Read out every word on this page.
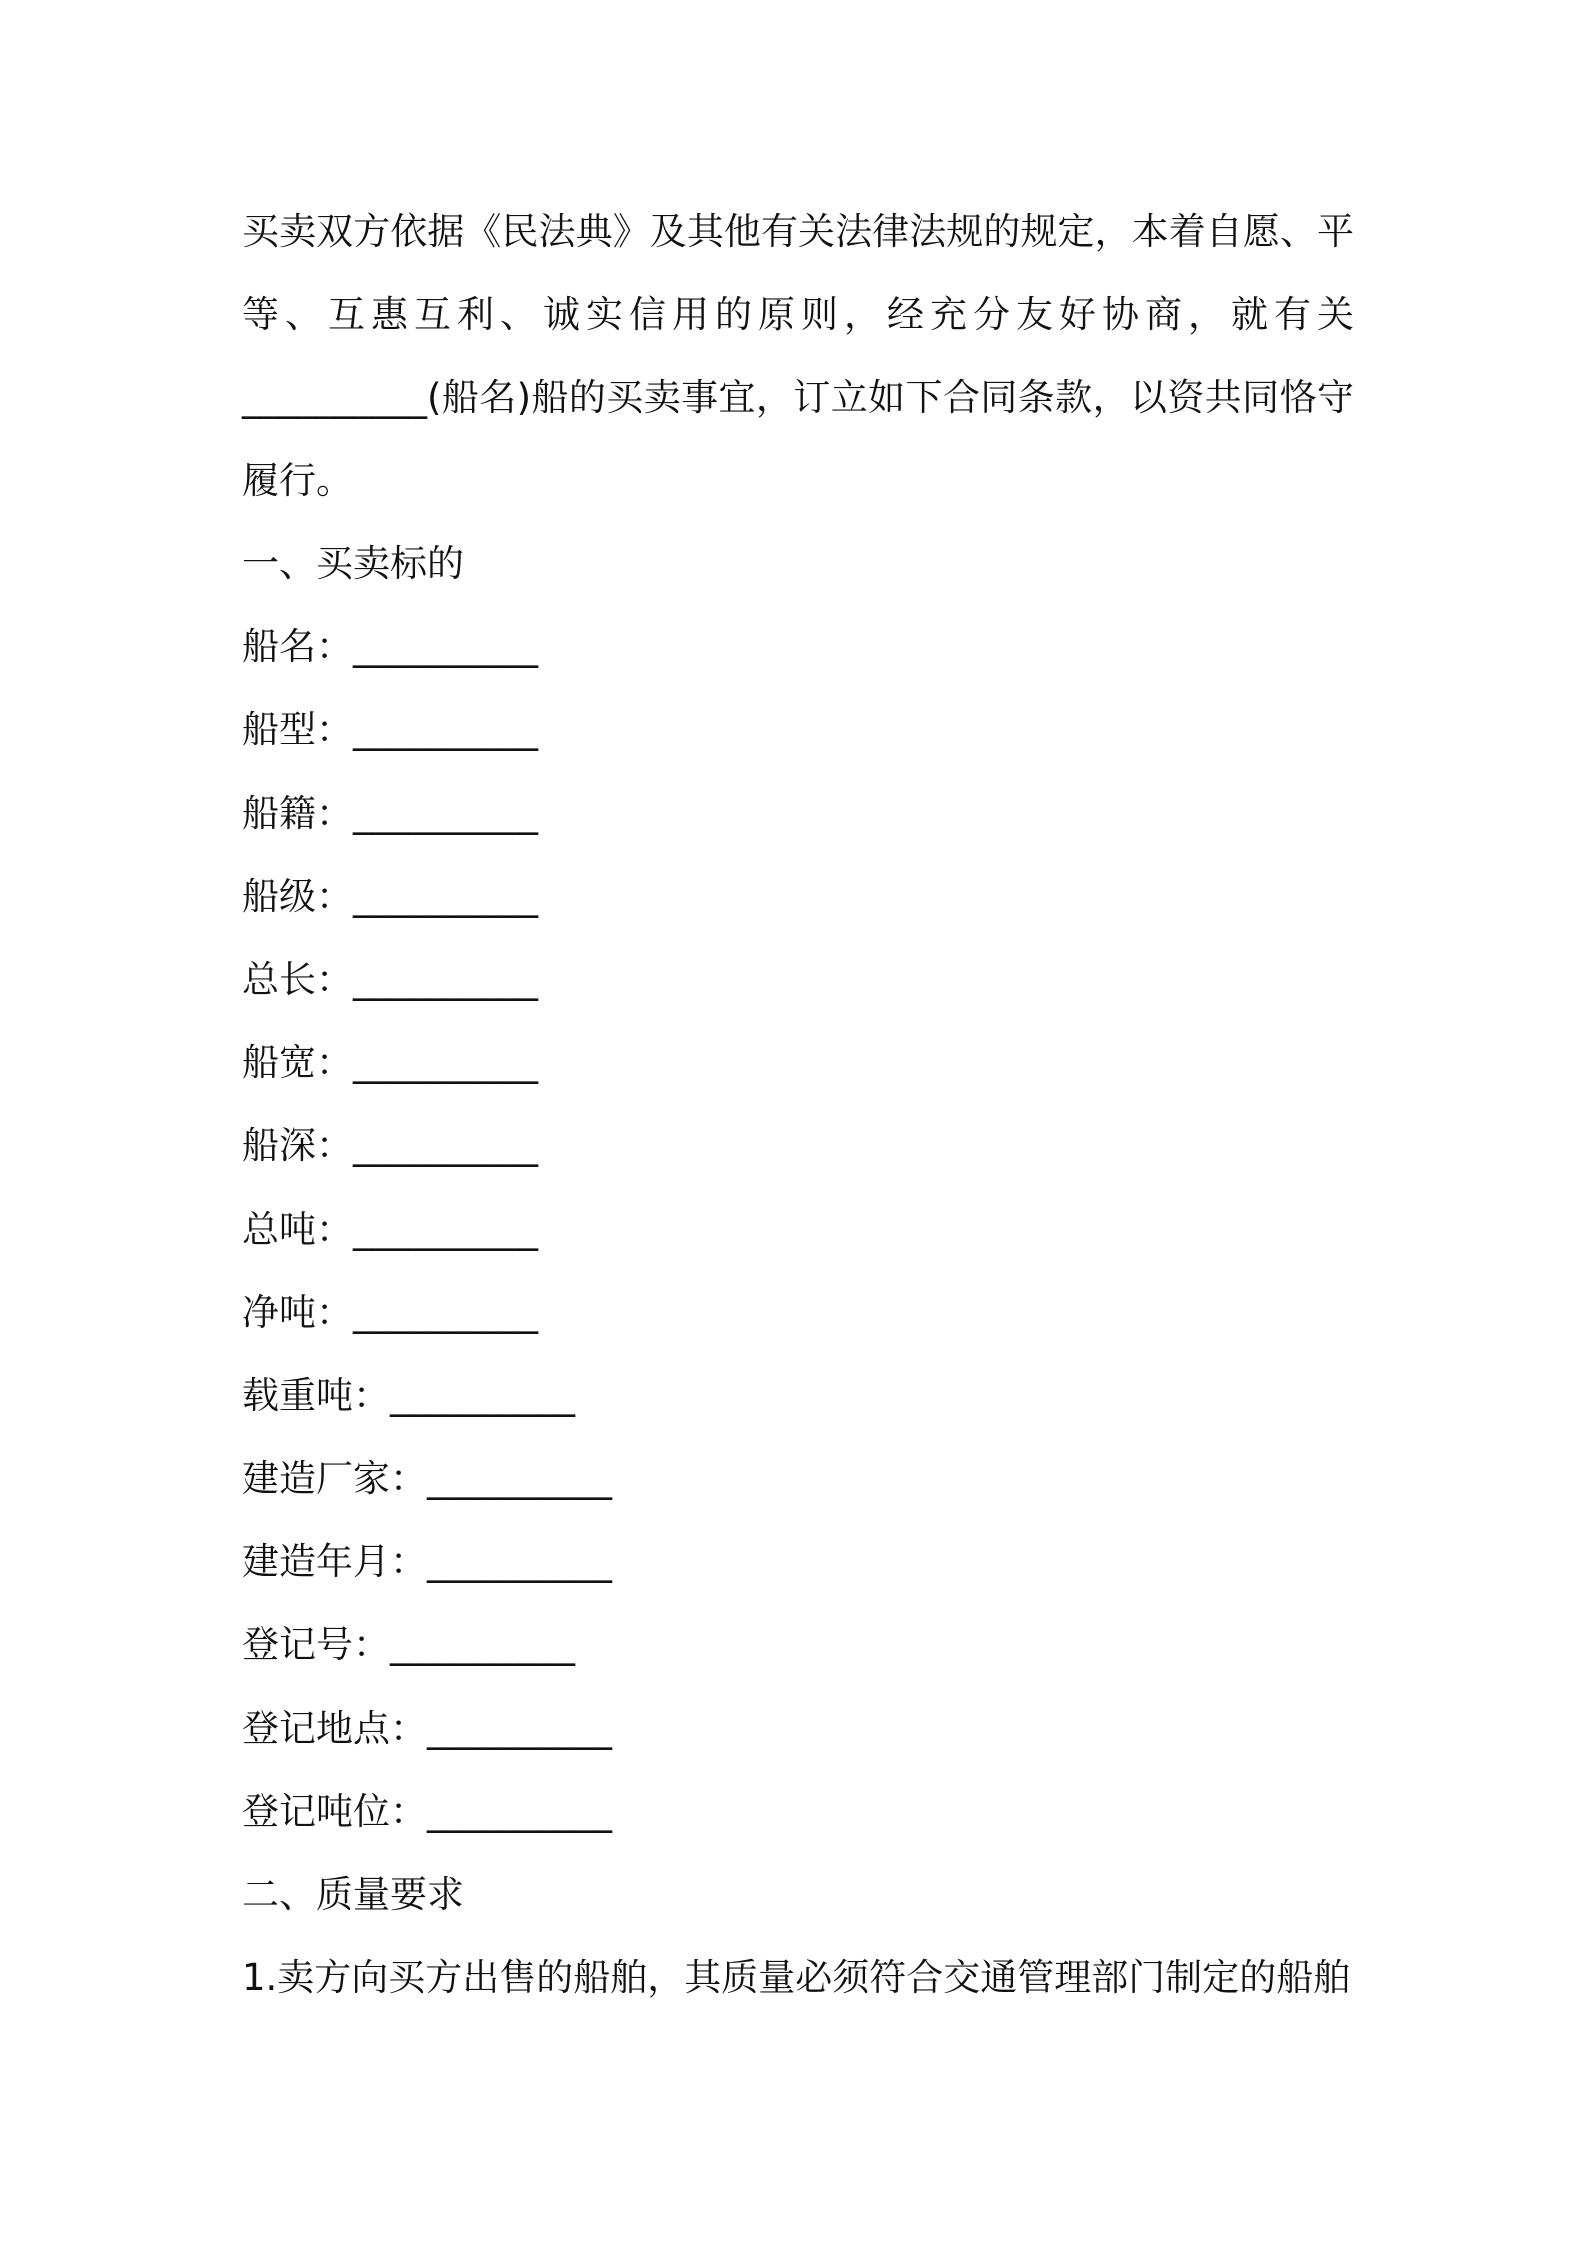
买卖双方依据《民法典》及其他有关法律法规的规定，本着自愿、平等、互惠互利、诚实信用的原则，经充分友好协商，就有关__________(船名)船的买卖事宜，订立如下合同条款，以资共同恪守履行。

一、买卖标的

船名：__________

船型：__________

船籍：__________

船级：__________

总长：__________

船宽：__________

船深：__________

总吨：__________

净吨：__________

载重吨：__________

建造厂家：__________

建造年月：__________

登记号：__________

登记地点：__________

登记吨位：__________

二、质量要求

1.卖方向买方出售的船舶，其质量必须符合交通管理部门制定的船舶
